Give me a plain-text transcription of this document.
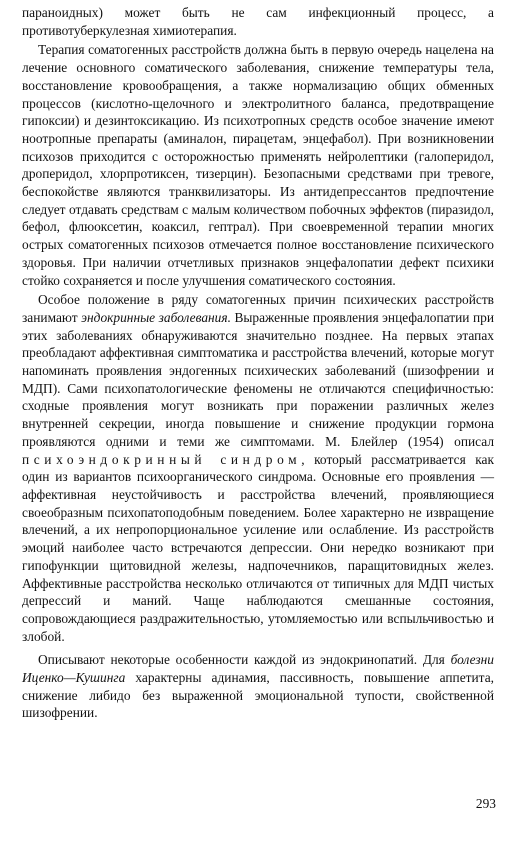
параноидных) может быть не сам инфекционный процесс, а противотуберкулезная химиотерапия.

Терапия соматогенных расстройств должна быть в первую очередь нацелена на лечение основного соматического заболевания, снижение температуры тела, восстановление кровообращения, а также нормализацию общих обменных процессов (кислотно-щелочного и электролитного баланса, предотвращение гипоксии) и дезинтоксикацию. Из психотропных средств особое значение имеют ноотропные препараты (аминалон, пирацетам, энцефабол). При возникновении психозов приходится с осторожностью применять нейролептики (галоперидол, дроперидол, хлорпротиксен, тизерцин). Безопасными средствами при тревоге, беспокойстве являются транквилизаторы. Из антидепрессантов предпочтение следует отдавать средствам с малым количеством побочных эффектов (пиразидол, бефол, флюоксетин, коаксил, гептрал). При своевременной терапии многих острых соматогенных психозов отмечается полное восстановление психического здоровья. При наличии отчетливых признаков энцефалопатии дефект психики стойко сохраняется и после улучшения соматического состояния.

Особое положение в ряду соматогенных причин психических расстройств занимают эндокринные заболевания. Выраженные проявления энцефалопатии при этих заболеваниях обнаруживаются значительно позднее. На первых этапах преобладают аффективная симптоматика и расстройства влечений, которые могут напоминать проявления эндогенных психических заболеваний (шизофрении и МДП). Сами психопатологические феномены не отличаются специфичностью: сходные проявления могут возникать при поражении различных желез внутренней секреции, иногда повышение и снижение продукции гормона проявляются одними и теми же симптомами. М. Блейлер (1954) описал психоэндокринный синдром, который рассматривается как один из вариантов психоорганического синдрома. Основные его проявления — аффективная неустойчивость и расстройства влечений, проявляющиеся своеобразным психопатоподобным поведением. Более характерно не извращение влечений, а их непропорциональное усиление или ослабление. Из расстройств эмоций наиболее часто встречаются депрессии. Они нередко возникают при гипофункции щитовидной железы, надпочечников, паращитовидных желез. Аффективные расстройства несколько отличаются от типичных для МДП чистых депрессий и маний. Чаще наблюдаются смешанные состояния, сопровождающиеся раздражительностью, утомляемостью или вспыльчивостью и злобой.

Описывают некоторые особенности каждой из эндокринопатий. Для болезни Иценко—Кушинга характерны адинамия, пассивность, повышение аппетита, снижение либидо без выраженной эмоциональной тупости, свойственной шизофрении.

293
